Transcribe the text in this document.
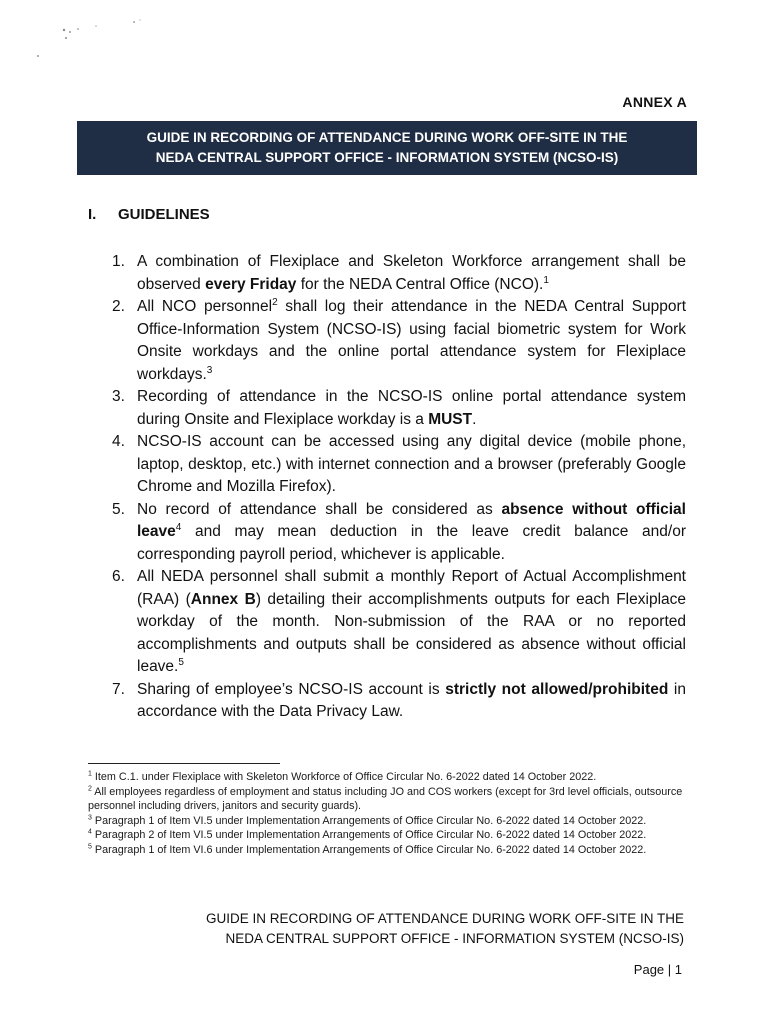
ANNEX A
GUIDE IN RECORDING OF ATTENDANCE DURING WORK OFF-SITE IN THE
NEDA CENTRAL SUPPORT OFFICE - INFORMATION SYSTEM (NCSO-IS)
I. GUIDELINES
1. A combination of Flexiplace and Skeleton Workforce arrangement shall be observed every Friday for the NEDA Central Office (NCO).$^1$
2. All NCO personnel$^2$ shall log their attendance in the NEDA Central Support Office-Information System (NCSO-IS) using facial biometric system for Work Onsite workdays and the online portal attendance system for Flexiplace workdays.$^3$
3. Recording of attendance in the NCSO-IS online portal attendance system during Onsite and Flexiplace workday is a MUST.
4. NCSO-IS account can be accessed using any digital device (mobile phone, laptop, desktop, etc.) with internet connection and a browser (preferably Google Chrome and Mozilla Firefox).
5. No record of attendance shall be considered as absence without official leave$^4$ and may mean deduction in the leave credit balance and/or corresponding payroll period, whichever is applicable.
6. All NEDA personnel shall submit a monthly Report of Actual Accomplishment (RAA) (Annex B) detailing their accomplishments outputs for each Flexiplace workday of the month. Non-submission of the RAA or no reported accomplishments and outputs shall be considered as absence without official leave.$^5$
7. Sharing of employee’s NCSO-IS account is strictly not allowed/prohibited in accordance with the Data Privacy Law.

$^1$ Item C.1. under Flexiplace with Skeleton Workforce of Office Circular No. 6-2022 dated 14 October 2022.

$^2$ All employees regardless of employment and status including JO and COS workers (except for 3rd level officials, outsource personnel including drivers, janitors and security guards).

$^3$ Paragraph 1 of Item VI.5 under Implementation Arrangements of Office Circular No. 6-2022 dated 14 October 2022.

$^4$ Paragraph 2 of Item VI.5 under Implementation Arrangements of Office Circular No. 6-2022 dated 14 October 2022.

$^5$ Paragraph 1 of Item VI.6 under Implementation Arrangements of Office Circular No. 6-2022 dated 14 October 2022.

GUIDE IN RECORDING OF ATTENDANCE DURING WORK OFF-SITE IN THE
NEDA CENTRAL SUPPORT OFFICE - INFORMATION SYSTEM (NCSO-IS)
Page | 1
